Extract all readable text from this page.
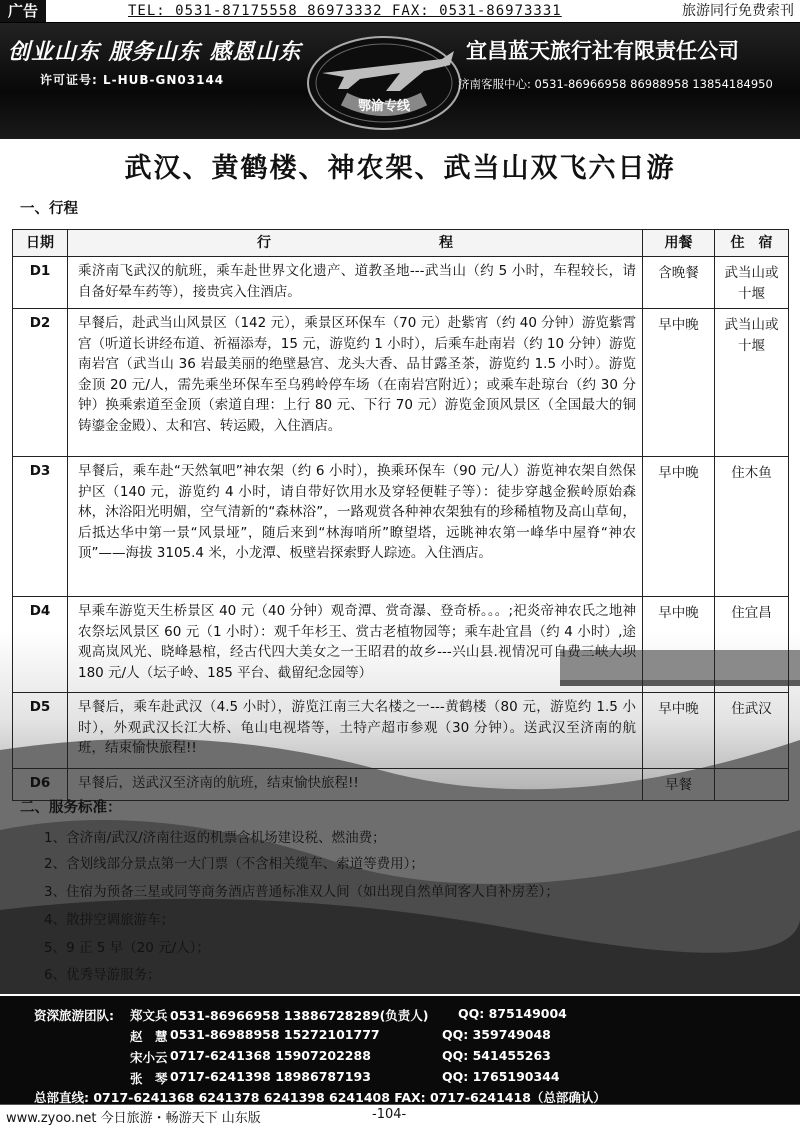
广告	TEL: 0531-87175558 86973332 FAX: 0531-86973331	旅游同行免费索刊
创业山东 服务山东 感恩山东
许可证号: L-HUB-GN03144
鄂渝专线
宜昌蓝天旅行社有限责任公司
济南客服中心: 0531-86966958 86988958 13854184950
武汉、黄鹤楼、神农架、武当山双飞六日游
一、行程
日期	行　　　　　　　　　　　　程	用餐	住　宿
D1	乘济南飞武汉的航班，乘车赴世界文化遗产、道教圣地---武当山（约 5 小时，车程较长，请自备好晕车药等），接贵宾入住酒店。	含晚餐	武当山或十堰
D2	早餐后，赴武当山风景区（142 元），乘景区环保车（70 元）赴紫宵（约 40 分钟）游览紫霄宫（听道长讲经布道、祈福添寿，15 元，游览约 1 小时），后乘车赴南岩（约 10 分钟）游览南岩宫（武当山 36 岩最美丽的绝壁悬宫、龙头大香、品甘露圣茶，游览约 1.5 小时）。游览金顶 20 元/人，需先乘坐环保车至乌鸦岭停车场（在南岩宫附近）；或乘车赴琼台（约 30 分钟）换乘索道至金顶（索道自理：上行 80 元、下行 70 元）游览金顶风景区（全国最大的铜铸鎏金金殿）、太和宫、转运殿，入住酒店。	早中晚	武当山或十堰
D3	早餐后，乘车赴“天然氧吧”神农架（约 6 小时），换乘环保车（90 元/人）游览神农架自然保护区（140 元，游览约 4 小时，请自带好饮用水及穿轻便鞋子等）：徒步穿越金猴岭原始森林，沐浴阳光明媚，空气清新的“森林浴”，一路观赏各种神农架独有的珍稀植物及高山草甸，后抵达华中第一景“风景垭”，随后来到“林海哨所”瞭望塔，远眺神农第一峰华中屋脊“神农顶”——海拔 3105.4 米，小龙潭、板壁岩探索野人踪迹。入住酒店。	早中晚	住木鱼
D4	早乘车游览天生桥景区 40 元（40 分钟）观奇潭、赏奇瀑、登奇桥。。。;祀炎帝神农氏之地神农祭坛风景区 60 元（1 小时）：观千年杉王、赏古老植物园等；乘车赴宜昌（约 4 小时）,途观高岚风光、晓峰悬棺，经古代四大美女之一王昭君的故乡---兴山县.视情况可自费三峡大坝 180 元/人（坛子岭、185 平台、截留纪念园等）	早中晚	住宜昌
D5	早餐后，乘车赴武汉（4.5 小时），游览江南三大名楼之一---黄鹤楼（80 元，游览约 1.5 小时），外观武汉长江大桥、龟山电视塔等，土特产超市参观（30 分钟）。送武汉至济南的航班，结束愉快旅程!!	早中晚	住武汉
D6	早餐后，送武汉至济南的航班，结束愉快旅程!!	早餐	
二、服务标准：
1、含济南/武汉/济南往返的机票含机场建设税、燃油费；
2、含划线部分景点第一大门票（不含相关缆车、索道等费用）；
3、住宿为预备三星或同等商务酒店普通标准双人间（如出现自然单间客人自补房差）；
4、散拼空调旅游车；
5、9 正 5 早（20 元/人）；
6、优秀导游服务；
资深旅游团队: 郑文兵 0531-86966958 13886728289(负责人) QQ: 875149004
赵　慧 0531-86988958 15272101777	QQ: 359749048
宋小云 0717-6241368 15907202288	QQ: 541455263
张　琴 0717-6241398 18986787193	QQ: 1765190344
总部直线: 0717-6241368 6241378 6241398 6241408 FAX: 0717-6241418（总部确认）
www.zyoo.net 今日旅游・畅游天下 山东版	-104-
